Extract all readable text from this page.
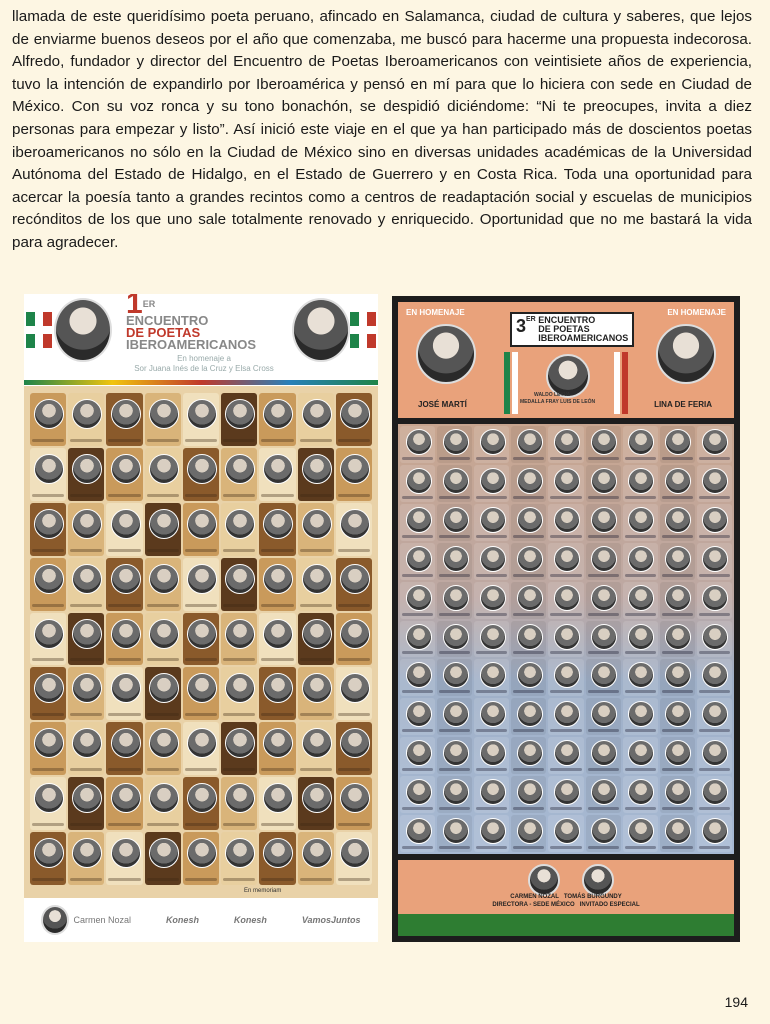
llamada de este queridísimo poeta peruano, afincado en Salamanca, ciudad de cultura y saberes, que lejos de enviarme buenos deseos por el año que comenzaba, me buscó para hacerme una propuesta indecorosa. Alfredo, fundador y director del Encuentro de Poetas Iberoamericanos con veintisiete años de experiencia, tuvo la intención de expandirlo por Iberoamérica y pensó en mí para que lo hiciera con sede en Ciudad de México. Con su voz ronca y su tono bonachón, se despidió diciéndome: “Ni te preocupes, invita a diez personas para empezar y listo”. Así inició este viaje en el que ya han participado más de doscientos poetas iberoamericanos no sólo en la Ciudad de México sino en diversas unidades académicas de la Universidad Autónoma del Estado de Hidalgo, en el Estado de Guerrero y en Costa Rica. Toda una oportunidad para acercar la poesía tanto a grandes recintos como a centros de readaptación social y escuelas de municipios recónditos de los que uno sale totalmente renovado y enriquecido. Oportunidad que no me bastará la vida para agradecer.

1ER
ENCUENTRO
DE POETAS
IBEROAMERICANOS
En homenaje a
Sor Juana Inés de la Cruz y Elsa Cross
En memoriam
Carmen Nozal	Konesh	Konesh	VamosJuntos
EN HOMENAJE	EN HOMENAJE
3ER ENCUENTRO
DE POETAS
IBEROAMERICANOS
WALDO LEYVA
MEDALLA FRAY LUIS DE LEÓN
JOSÉ MARTÍ	LINA DE FERIA
CARMEN NOZAL TOMÁS BURGUNDY
DIRECTORA - SEDE MÉXICO INVITADO ESPECIAL
194
